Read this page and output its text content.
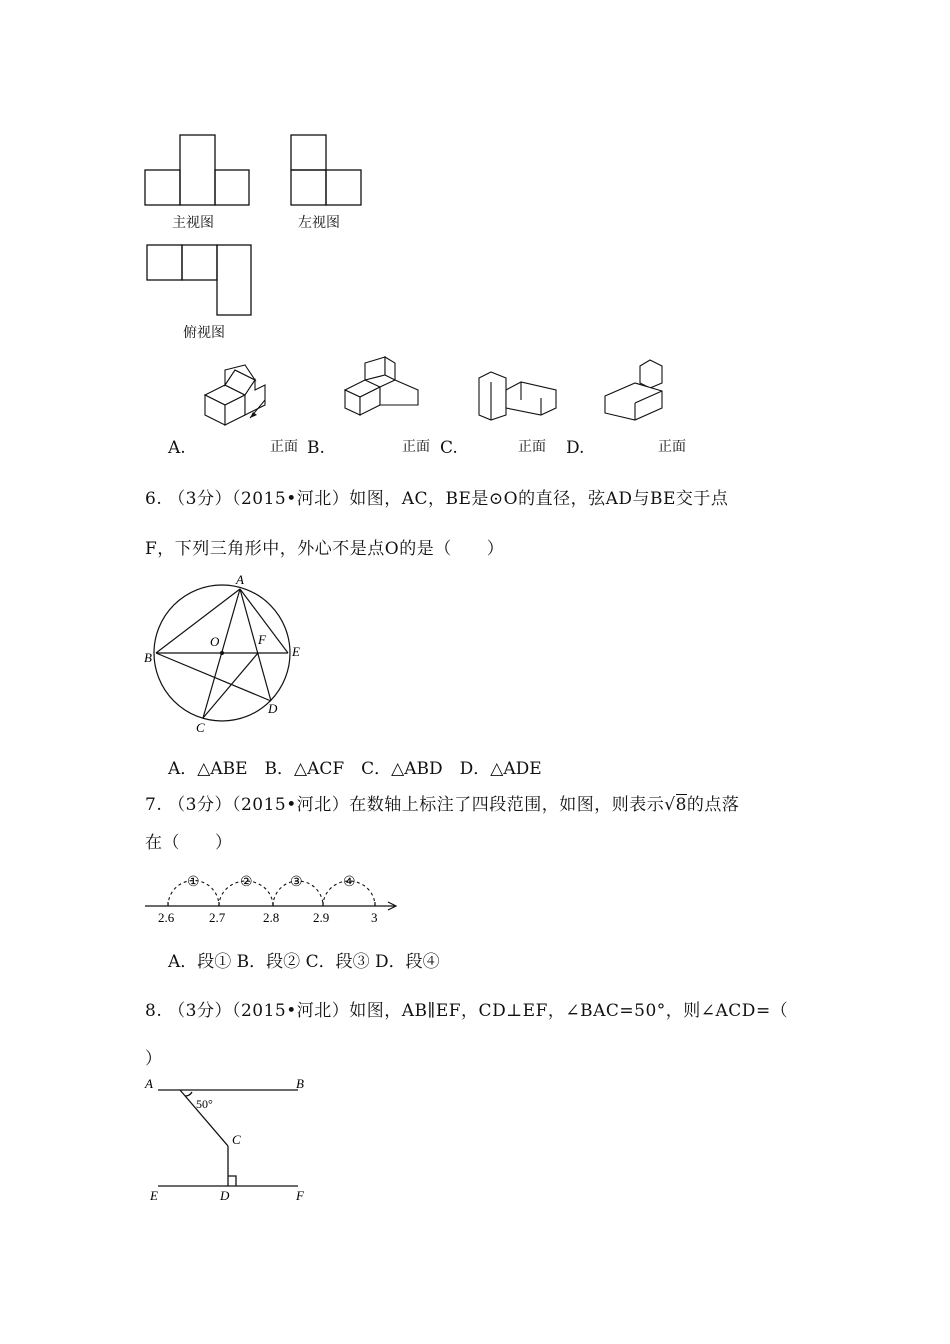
主视图	左视图
俯视图
A.	正面 B.	正面 C.	正面 D.	正面
6. （3分）（2015•河北）如图，AC，BE是⊙O的直径，弦AD与BE交于点
F，下列三角形中，外心不是点O的是（　　）
A
B
O	F
E
D
C
A．△ABE　B．△ACF　C．△ABD　D．△ADE
7. （3分）（2015•河北）在数轴上标注了四段范围，如图，则表示√8的点落
在（　　）
①	②	③	④
2.6	2.7	2.8	2.9	3
A．段① B．段② C．段③ D．段④
8. （3分）（2015•河北）如图，AB∥EF，CD⊥EF，∠BAC=50°，则∠ACD=（
）
A	B
50°
C
E	D	F
